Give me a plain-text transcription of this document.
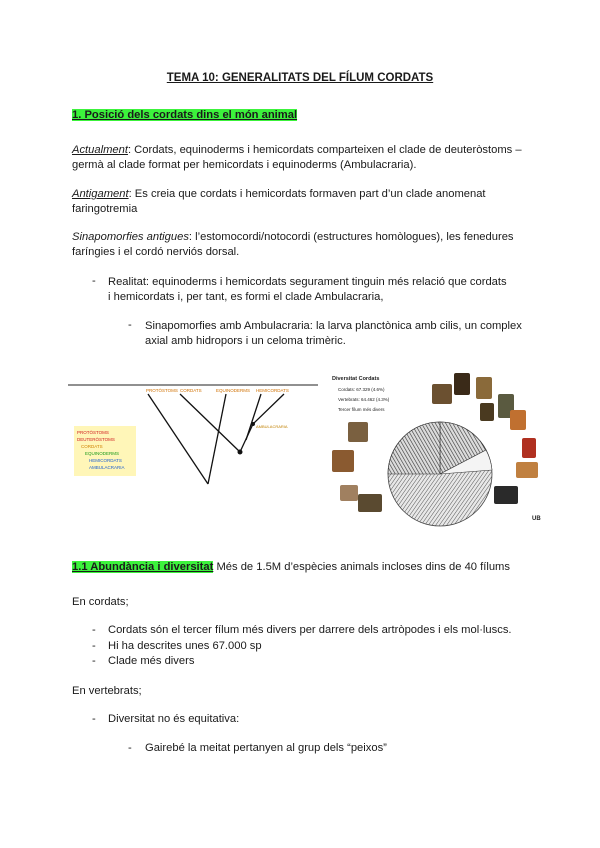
TEMA 10: GENERALITATS DEL FÍLUM CORDATS
1. Posició dels cordats dins el món animal
Actualment: Cordats, equinoderms i hemicordats comparteixen el clade de deuteròstoms –
germà al clade format per hemicordats i equinoderms (Ambulacraria).
Antigament: Es creia que cordats i hemicordats formaven part d’un clade anomenat
faringotremia
Sinapomorfies antigues: l’estomocordi/notocordi (estructures homòlogues), les fenedures
faríngies i el cordó nerviós dorsal.
- Realitat: equinoderms i hemicordats segurament tinguin més relació que cordats
i hemicordats i, per tant, es formi el clade Ambulacraria,
- Sinapomorfies amb Ambulacraria: la larva planctònica amb cilis, un complex
axial amb hidropors i un celoma trimèric.
PROTÒSTOMS CORDATS	EQUINODERMS HEMICORDATS
AMBULACRARIA
PROTÒSTOMS
DEUTERÒSTOMS
CORDATS
EQUINODERMS
HEMICORDATS
AMBULACRARIA
Diversitat Cordats
Cordats: 67.329 (4.6%)
Vertebrats: 64.462 (4.3%)
Tercer fílum més divers
UB
1.1 Abundància i diversitat Més de 1.5M d’espècies animals incloses dins de 40 fílums
En cordats;
- Cordats són el tercer fílum més divers per darrere dels artròpodes i els mol·luscs.
- Hi ha descrites unes 67.000 sp
- Clade més divers
En vertebrats;
- Diversitat no és equitativa:
- Gairebé la meitat pertanyen al grup dels “peixos”
